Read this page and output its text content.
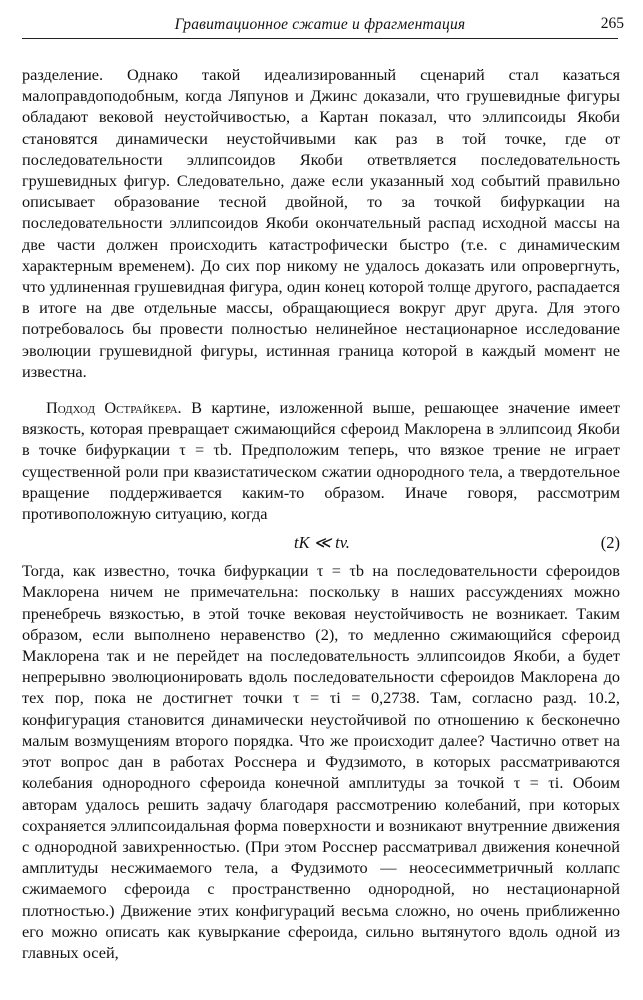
Гравитационное сжатие и фрагментация	265

разделение. Однако такой идеализированный сценарий стал казаться малоправдоподобным, когда Ляпунов и Джинс доказали, что грушевидные фигуры обладают вековой неустойчивостью, а Картан показал, что эллипсоиды Якоби становятся динамически неустойчивыми как раз в той точке, где от последовательности эллипсоидов Якоби ответвляется последовательность грушевидных фигур. Следовательно, даже если указанный ход событий правильно описывает образование тесной двойной, то за точкой бифуркации на последовательности эллипсоидов Якоби окончательный распад исходной массы на две части должен происходить катастрофически быстро (т.е. с динамическим характерным временем). До сих пор никому не удалось доказать или опровергнуть, что удлиненная грушевидная фигура, один конец которой толще другого, распадается в итоге на две отдельные массы, обращающиеся вокруг друг друга. Для этого потребовалось бы провести полностью нелинейное нестационарное исследование эволюции грушевидной фигуры, истинная граница которой в каждый момент не известна.

Подход Острайкера. В картине, изложенной выше, решающее значение имеет вязкость, которая превращает сжимающийся сфероид Маклорена в эллипсоид Якоби в точке бифуркации τ = τb. Предположим теперь, что вязкое трение не играет существенной роли при квазистатическом сжатии однородного тела, а твердотельное вращение поддерживается каким-то образом. Иначе говоря, рассмотрим противоположную ситуацию, когда

tK ≪ tv.	(2)

Тогда, как известно, точка бифуркации τ = τb на последовательности сфероидов Маклорена ничем не примечательна: поскольку в наших рассуждениях можно пренебречь вязкостью, в этой точке вековая неустойчивость не возникает. Таким образом, если выполнено неравенство (2), то медленно сжимающийся сфероид Маклорена так и не перейдет на последовательность эллипсоидов Якоби, а будет непрерывно эволюционировать вдоль последовательности сфероидов Маклорена до тех пор, пока не достигнет точки τ = τi = 0,2738. Там, согласно разд. 10.2, конфигурация становится динамически неустойчивой по отношению к бесконечно малым возмущениям второго порядка. Что же происходит далее? Частично ответ на этот вопрос дан в работах Росснера и Фудзимото, в которых рассматриваются колебания однородного сфероида конечной амплитуды за точкой τ = τi. Обоим авторам удалось решить задачу благодаря рассмотрению колебаний, при которых сохраняется эллипсоидальная форма поверхности и возникают внутренние движения с однородной завихренностью. (При этом Росснер рассматривал движения конечной амплитуды несжимаемого тела, а Фудзимото — неосесимметричный коллапс сжимаемого сфероида с пространственно однородной, но нестационарной плотностью.) Движение этих конфигураций весьма сложно, но очень приближенно его можно описать как кувыркание сфероида, сильно вытянутого вдоль одной из главных осей,
